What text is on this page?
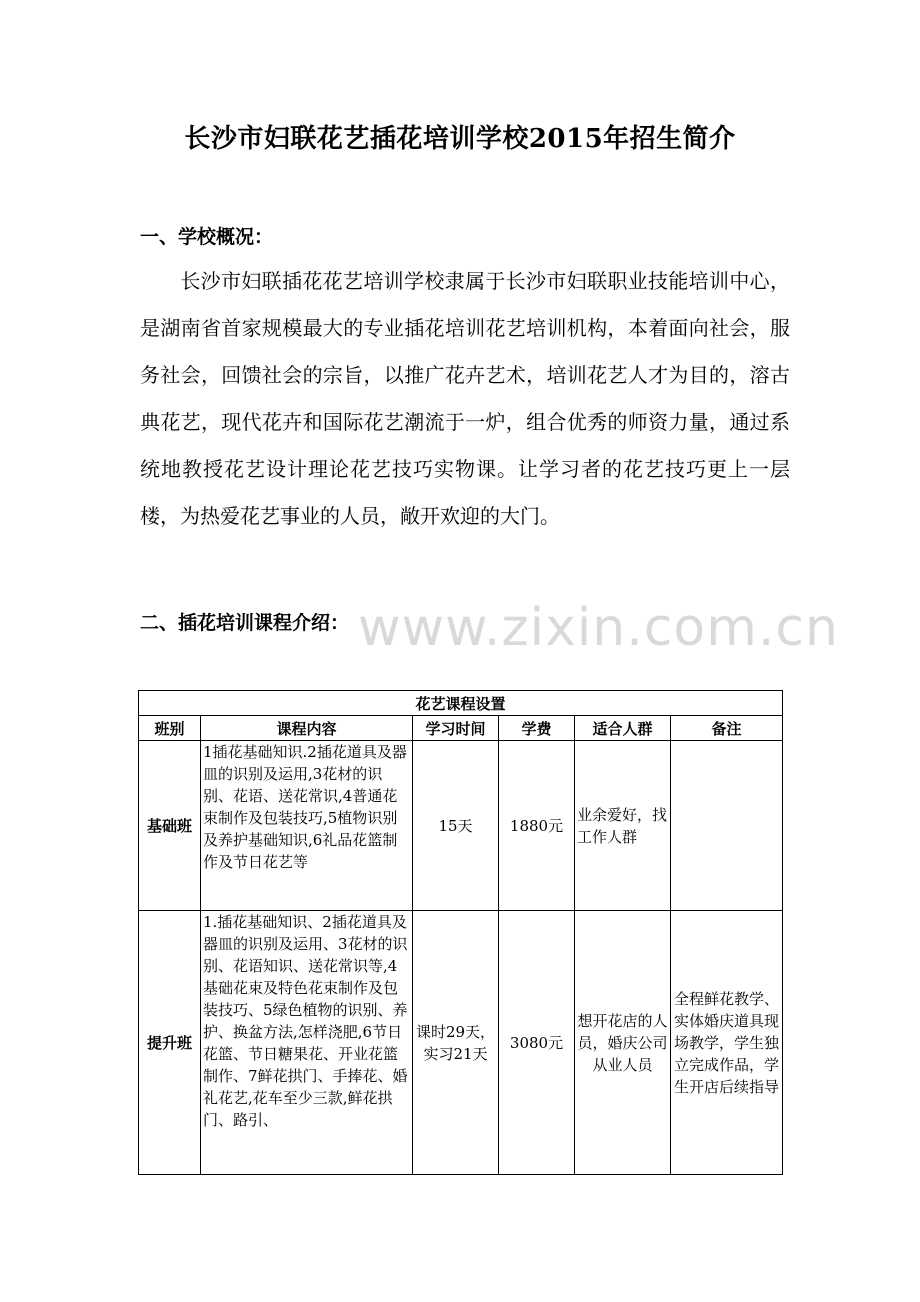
长沙市妇联花艺插花培训学校2015年招生简介
一、学校概况：
长沙市妇联插花花艺培训学校隶属于长沙市妇联职业技能培训中心，是湖南省首家规模最大的专业插花培训花艺培训机构，本着面向社会，服务社会，回馈社会的宗旨，以推广花卉艺术，培训花艺人才为目的，溶古典花艺，现代花卉和国际花艺潮流于一炉，组合优秀的师资力量，通过系统地教授花艺设计理论花艺技巧实物课。让学习者的花艺技巧更上一层楼，为热爱花艺事业的人员，敞开欢迎的大门。
www.zixin.com.cn
二、插花培训课程介绍：
花艺课程设置					
班别	课程内容	学习时间	学费	适合人群	备注
基础班	1插花基础知识.2插花道具及器皿的识别及运用,3花材的识别、花语、送花常识,4普通花束制作及包装技巧,5植物识别及养护基础知识,6礼品花篮制作及节日花艺等	15天	1880元	业余爱好，找工作人群	
提升班	1.插花基础知识、2插花道具及器皿的识别及运用、3花材的识别、花语知识、送花常识等,4基础花束及特色花束制作及包装技巧、5绿色植物的识别、养护、换盆方法,怎样浇肥,6节日花篮、节日糖果花、开业花篮制作、7鲜花拱门、手捧花、婚礼花艺,花车至少三款,鲜花拱门、路引、	课时29天，实习21天	3080元	想开花店的人员，婚庆公司从业人员	全程鲜花教学、实体婚庆道具现场教学，学生独立完成作品，学生开店后续指导
